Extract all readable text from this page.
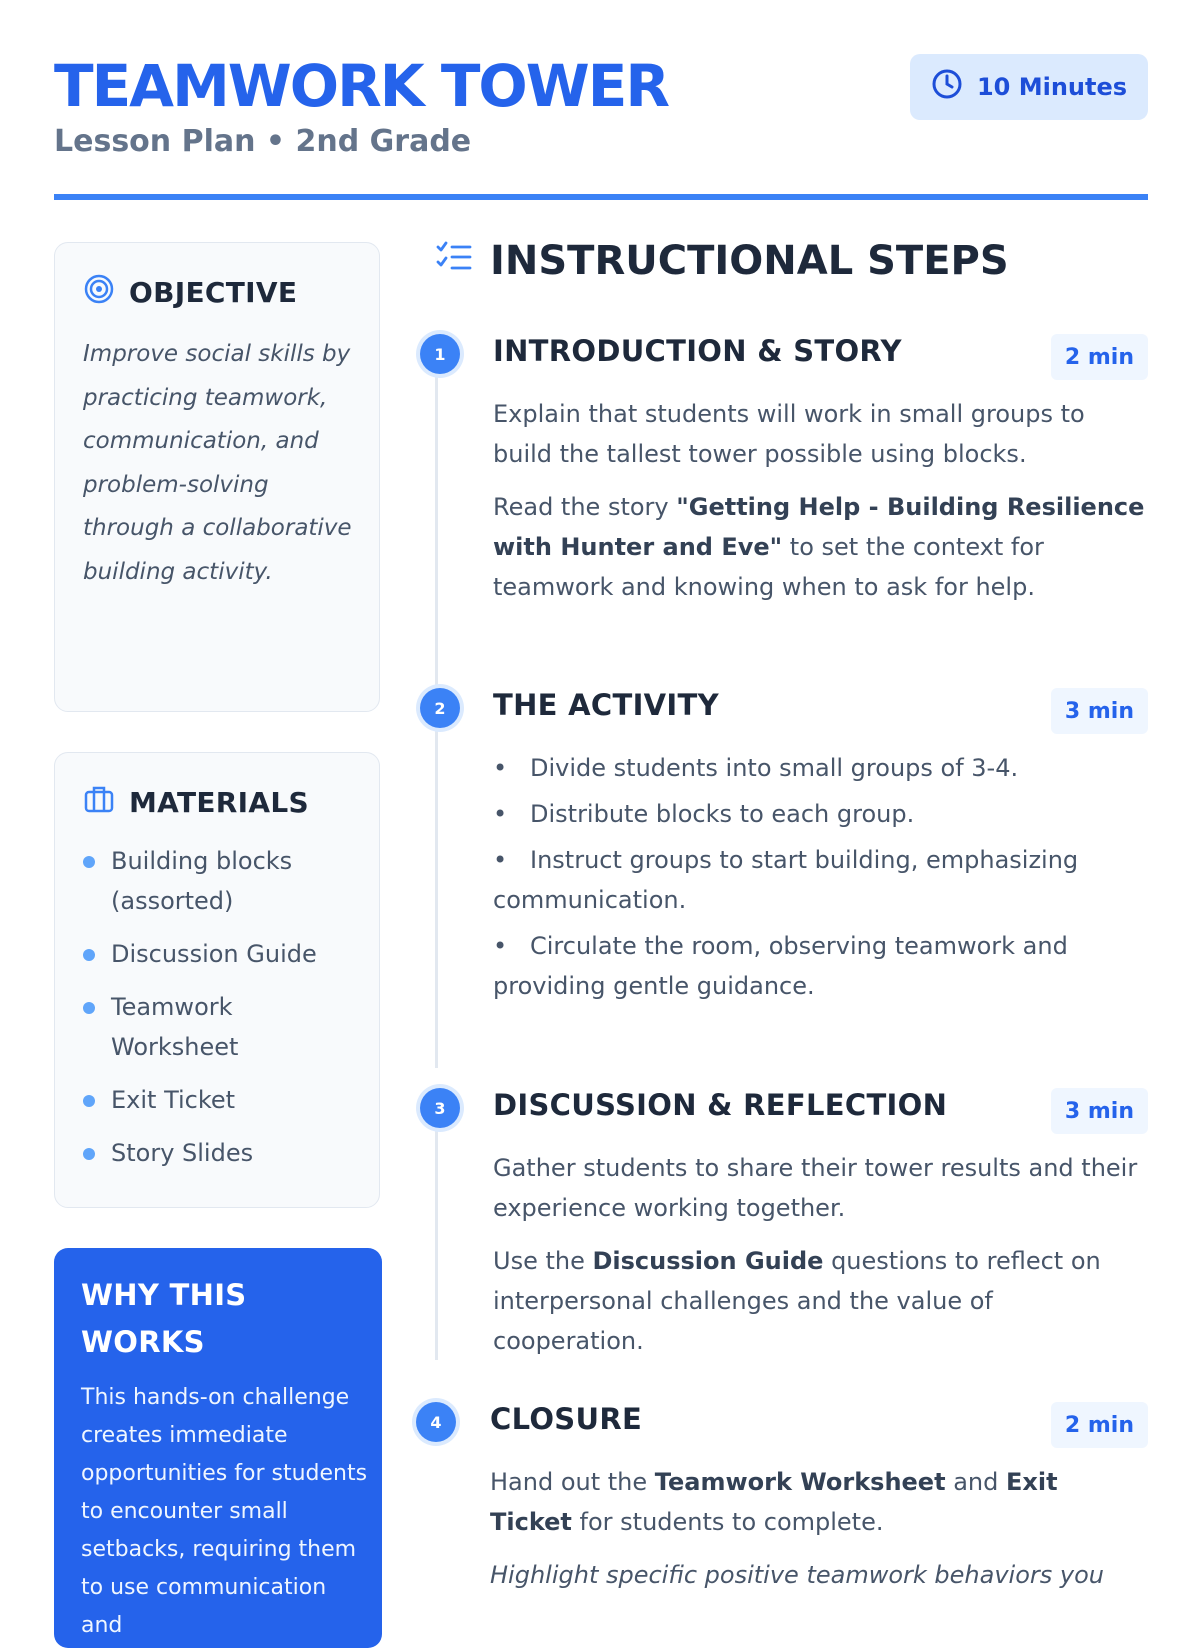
TEAMWORK TOWER
Lesson Plan • 2nd Grade
10 Minutes
OBJECTIVE
Improve social skills by practicing teamwork, communication, and problem-solving through a collaborative building activity.
MATERIALS
Building blocks (assorted)
Discussion Guide
Teamwork Worksheet
Exit Ticket
Story Slides
WHY THIS WORKS
This hands-on challenge creates immediate opportunities for students to encounter small setbacks, requiring them to use communication and
INSTRUCTIONAL STEPS
1	INTRODUCTION & STORY	2 min

Explain that students will work in small groups to build the tallest tower possible using blocks.

Read the story "Getting Help - Building Resilience with Hunter and Eve" to set the context for teamwork and knowing when to ask for help.

2	THE ACTIVITY	3 min
• Divide students into small groups of 3-4.
• Distribute blocks to each group.
• Instruct groups to start building, emphasizing communication.
• Circulate the room, observing teamwork and providing gentle guidance.
3	DISCUSSION & REFLECTION	3 min

Gather students to share their tower results and their experience working together.

Use the Discussion Guide questions to reflect on interpersonal challenges and the value of cooperation.

4	CLOSURE	2 min

Hand out the Teamwork Worksheet and Exit Ticket for students to complete.

Highlight specific positive teamwork behaviors you
